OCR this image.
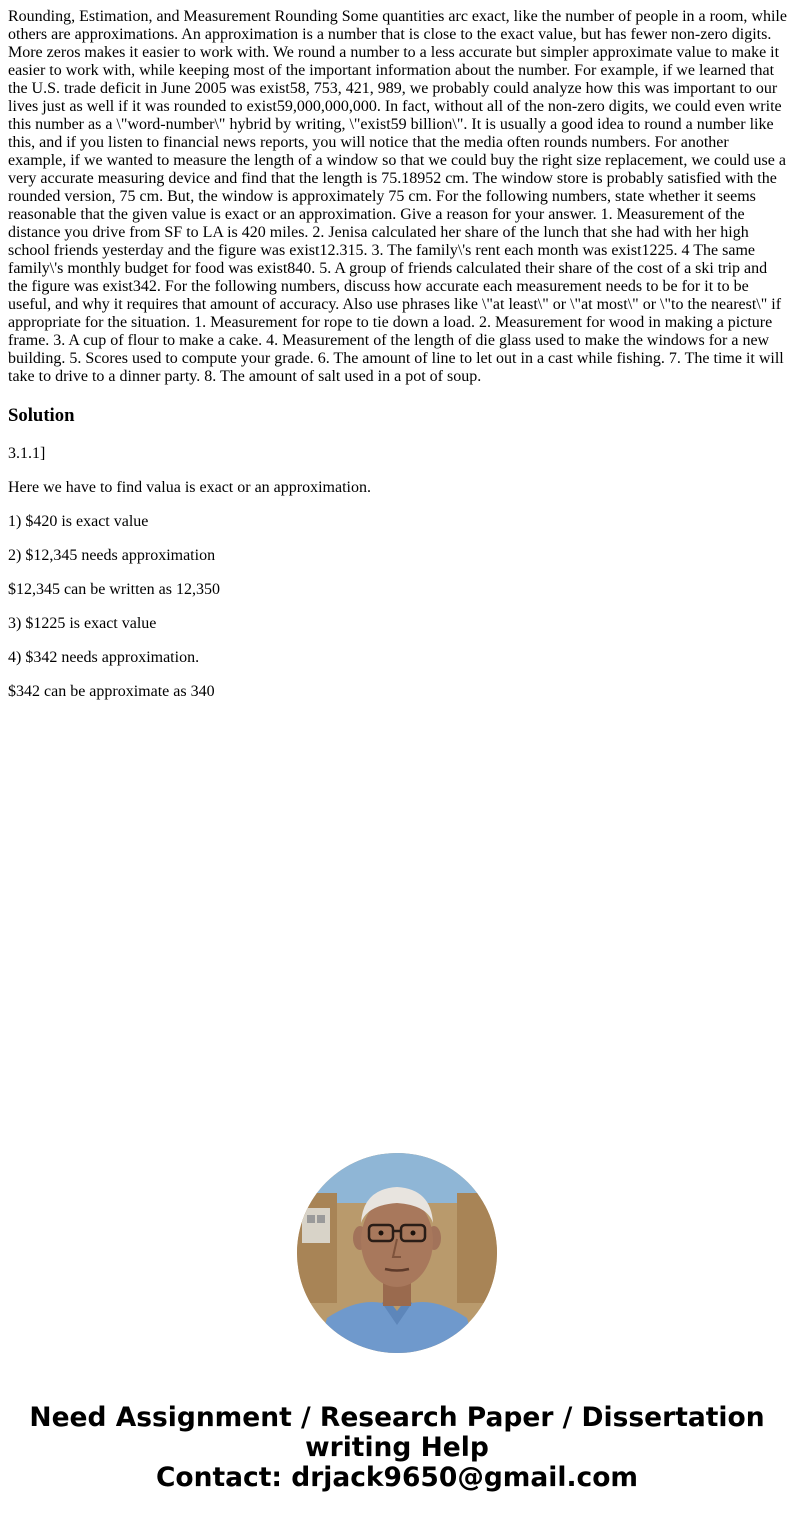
Rounding, Estimation, and Measurement Rounding Some quantities arc exact, like the number of people in a room, while others are approximations. An approximation is a number that is close to the exact value, but has fewer non-zero digits. More zeros makes it easier to work with. We round a number to a less accurate but simpler approximate value to make it easier to work with, while keeping most of the important information about the number. For example, if we learned that the U.S. trade deficit in June 2005 was exist58, 753, 421, 989, we probably could analyze how this was important to our lives just as well if it was rounded to exist59,000,000,000. In fact, without all of the non-zero digits, we could even write this number as a \"word-number\" hybrid by writing, \"exist59 billion\". It is usually a good idea to round a number like this, and if you listen to financial news reports, you will notice that the media often rounds numbers. For another example, if we wanted to measure the length of a window so that we could buy the right size replacement, we could use a very accurate measuring device and find that the length is 75.18952 cm. The window store is probably satisfied with the rounded version, 75 cm. But, the window is approximately 75 cm. For the following numbers, state whether it seems reasonable that the given value is exact or an approximation. Give a reason for your answer. 1. Measurement of the distance you drive from SF to LA is 420 miles. 2. Jenisa calculated her share of the lunch that she had with her high school friends yesterday and the figure was exist12.315. 3. The family\'s rent each month was exist1225. 4 The same family\'s monthly budget for food was exist840. 5. A group of friends calculated their share of the cost of a ski trip and the figure was exist342. For the following numbers, discuss how accurate each measurement needs to be for it to be useful, and why it requires that amount of accuracy. Also use phrases like \"at least\" or \"at most\" or \"to the nearest\" if appropriate for the situation. 1. Measurement for rope to tie down a load. 2. Measurement for wood in making a picture frame. 3. A cup of flour to make a cake. 4. Measurement of the length of die glass used to make the windows for a new building. 5. Scores used to compute your grade. 6. The amount of line to let out in a cast while fishing. 7. The time it will take to drive to a dinner party. 8. The amount of salt used in a pot of soup.

Solution

3.1.1]

Here we have to find valua is exact or an approximation.

1) $420 is exact value

2) $12,345 needs approximation

$12,345 can be written as 12,350

3) $1225 is exact value

4) $342 needs approximation.

$342 can be approximate as 340

Need Assignment / Research Paper / Dissertation
writing Help
Contact: drjack9650@gmail.com
